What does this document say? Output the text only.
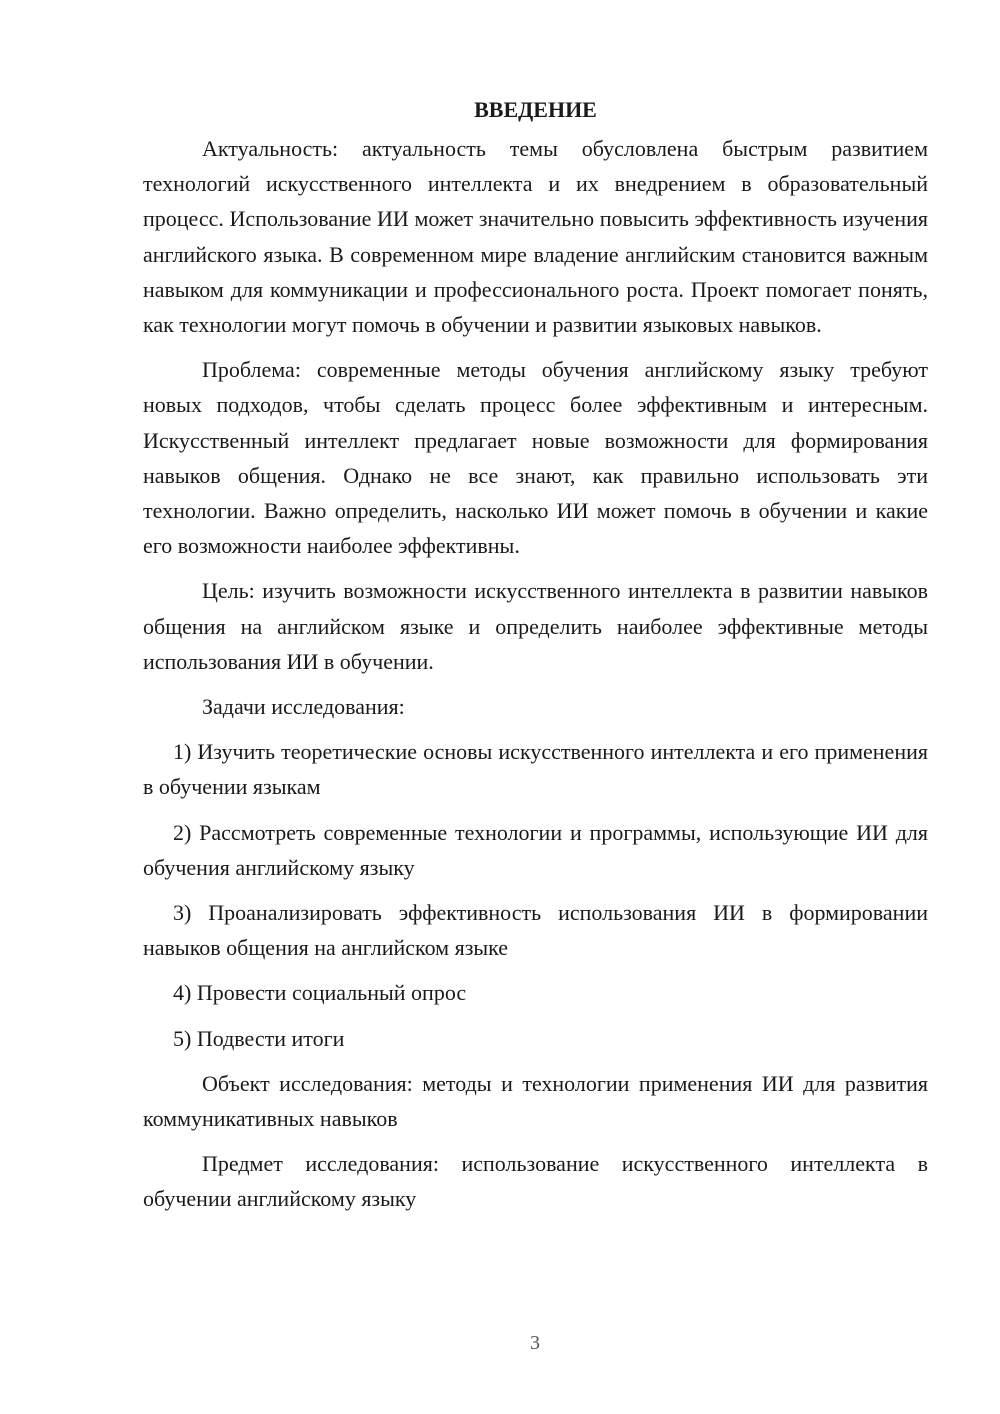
ВВЕДЕНИЕ

Актуальность: актуальность темы обусловлена быстрым развитием технологий искусственного интеллекта и их внедрением в образовательный процесс. Использование ИИ может значительно повысить эффективность изучения английского языка. В современном мире владение английским становится важным навыком для коммуникации и профессионального роста. Проект помогает понять, как технологии могут помочь в обучении и развитии языковых навыков.

Проблема: современные методы обучения английскому языку требуют новых подходов, чтобы сделать процесс более эффективным и интересным. Искусственный интеллект предлагает новые возможности для формирования навыков общения. Однако не все знают, как правильно использовать эти технологии. Важно определить, насколько ИИ может помочь в обучении и какие его возможности наиболее эффективны.

Цель: изучить возможности искусственного интеллекта в развитии навыков общения на английском языке и определить наиболее эффективные методы использования ИИ в обучении.

Задачи исследования:

1) Изучить теоретические основы искусственного интеллекта и его применения в обучении языкам

2) Рассмотреть современные технологии и программы, использующие ИИ для обучения английскому языку

3) Проанализировать эффективность использования ИИ в формировании навыков общения на английском языке

4) Провести социальный опрос

5) Подвести итоги

Объект исследования: методы и технологии применения ИИ для развития коммуникативных навыков

Предмет исследования: использование искусственного интеллекта в обучении английскому языку

3
